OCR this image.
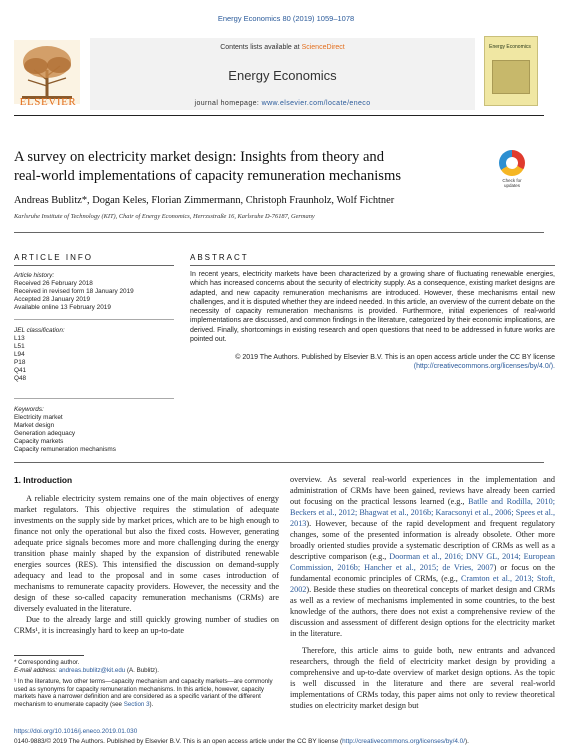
Energy Economics 80 (2019) 1059–1078
Contents lists available at ScienceDirect
Energy Economics
journal homepage: www.elsevier.com/locate/eneco
ELSEVIER
Energy Economics
A survey on electricity market design: Insights from theory and
real-world implementations of capacity remuneration mechanisms	Check for updates
Andreas Bublitz*, Dogan Keles, Florian Zimmermann, Christoph Fraunholz, Wolf Fichtner
Karlsruhe Institute of Technology (KIT), Chair of Energy Economics, Herrzsstraße 16, Karlsruhe D-76187, Germany
ARTICLE INFO	ABSTRACT
Article history:
Received 26 February 2018
Received in revised form 18 January 2019
Accepted 28 January 2019
Available online 13 February 2019
JEL classification:
L13
L51
L94
P18
Q41
Q48
Keywords:
Electricity market
Market design
Generation adequacy
Capacity markets
Capacity remuneration mechanisms
In recent years, electricity markets have been characterized by a growing share of fluctuating renewable energies, which has increased concerns about the security of electricity supply. As a consequence, existing market designs are adapted, and new capacity remuneration mechanisms are introduced. However, these mechanisms entail new challenges, and it is disputed whether they are indeed needed. In this article, an overview of the current debate on the necessity of capacity remuneration mechanisms is provided. Furthermore, initial experiences of real-world implementations are discussed, and common findings in the literature, categorized by their economic implications, are derived. Finally, shortcomings in existing research and open questions that need to be addressed in future works are pointed out.
© 2019 The Authors. Published by Elsevier B.V. This is an open access article under the CC BY license
(http://creativecommons.org/licenses/by/4.0/).
1. Introduction

A reliable electricity system remains one of the main objectives of energy market regulators. This objective requires the stimulation of adequate investments on the supply side by market prices, which are to be high enough to finance not only the operational but also the fixed costs. However, generating adequate price signals becomes more and more challenging during the energy transition phase mainly shaped by the expansion of distributed renewable energies sources (RES). This intensified the discussion on demand-supply adequacy and lead to the proposal and in some cases introduction of mechanisms to remunerate capacity providers. However, the necessity and the design of these so-called capacity remuneration mechanisms (CRMs) are diversely evaluated in the literature.

Due to the already large and still quickly growing number of studies on CRMs¹, it is increasingly hard to keep an up-to-date

overview. As several real-world experiences in the implementation and administration of CRMs have been gained, reviews have already been carried out focusing on the practical lessons learned (e.g., Batlle and Rodilla, 2010; Beckers et al., 2012; Bhagwat et al., 2016b; Karacsonyi et al., 2006; Spees et al., 2013). However, because of the rapid development and frequent regulatory changes, some of the presented information is already obsolete. Other more broadly oriented studies provide a systematic description of CRMs as well as a descriptive comparison (e.g., Doorman et al., 2016; DNV GL, 2014; European Commission, 2016b; Hancher et al., 2015; de Vries, 2007) or focus on the fundamental economic principles of CRMs, (e.g., Cramton et al., 2013; Stoft, 2002). Beside these studies on theoretical concepts of market design and CRMs as well as a review of mechanisms implemented in some countries, to the best knowledge of the authors, there does not exist a comprehensive review of the discussion and assessment of different design options for the electricity market in the literature.

Therefore, this article aims to guide both, new entrants and advanced researchers, through the field of electricity market design by providing a comprehensive and up-to-date overview of market design options. As the topic is well discussed in the literature and there are several real-world implementations of CRMs today, this paper aims not only to review theoretical studies on electricity market design but

* Corresponding author.
E-mail address: andreas.bublitz@kit.edu (A. Bublitz).
¹ In the literature, two other terms—capacity mechanism and capacity markets—are commonly used as synonyms for capacity remuneration mechanisms. In this article, however, capacity markets have a narrower definition and are considered as a specific variant of the different mechanism to enumerate capacity (see Section 3).
https://doi.org/10.1016/j.eneco.2019.01.030
0140-9883/© 2019 The Authors. Published by Elsevier B.V. This is an open access article under the CC BY license (http://creativecommons.org/licenses/by/4.0/).
